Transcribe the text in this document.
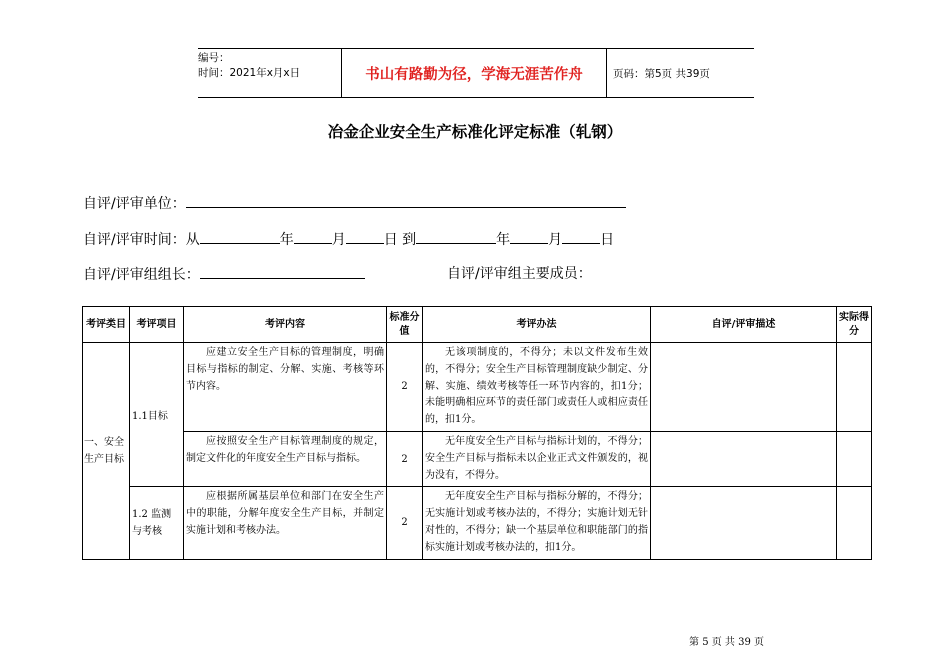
编号：
时间：2021年x月x日	书山有路勤为径，学海无涯苦作舟	页码：第5页 共39页
冶金企业安全生产标准化评定标准（轧钢）
自评/评审单位：
自评/评审时间：从	年	月	日 到	年	月	日
自评/评审组组长：	自评/评审组主要成员：
考评类目	考评项目	考评内容	标准分值	考评办法	自评/评审描述	实际得分
一、安全生产目标	1.1目标	应建立安全生产目标的管理制度，明确目标与指标的制定、分解、实施、考核等环节内容。	2	无该项制度的，不得分；未以文件发布生效的，不得分；安全生产目标管理制度缺少制定、分解、实施、绩效考核等任一环节内容的，扣1分；未能明确相应环节的责任部门或责任人或相应责任的，扣1分。		

		应按照安全生产目标管理制度的规定，制定文件化的年度安全生产目标与指标。	2	无年度安全生产目标与指标计划的，不得分；安全生产目标与指标未以企业正式文件颁发的，视为没有，不得分。		

	1.2 监测与考核	应根据所属基层单位和部门在安全生产中的职能，分解年度安全生产目标，并制定实施计划和考核办法。	2	无年度安全生产目标与指标分解的，不得分；无实施计划或考核办法的，不得分；实施计划无针对性的，不得分；缺一个基层单位和职能部门的指标实施计划或考核办法的，扣1分。		

第 5 页 共 39 页
